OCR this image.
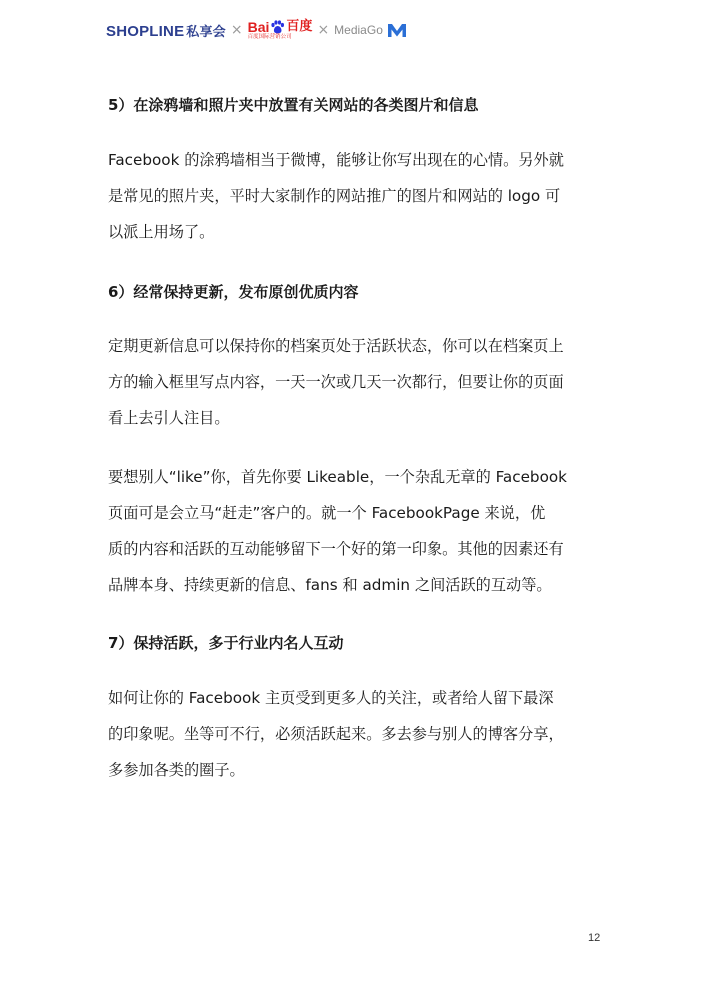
SHOPLINE 私享会 × Bai 百度
百度国际营销公司	× MediaGo
5）在涂鸦墙和照片夹中放置有关网站的各类图片和信息
Facebook 的涂鸦墙相当于微博，能够让你写出现在的心情。另外就
是常见的照片夹，平时大家制作的网站推广的图片和网站的 logo 可
以派上用场了。
6）经常保持更新，发布原创优质内容
定期更新信息可以保持你的档案页处于活跃状态，你可以在档案页上
方的输入框里写点内容，一天一次或几天一次都行，但要让你的页面
看上去引人注目。
要想别人“like”你，首先你要 Likeable，一个杂乱无章的 Facebook
页面可是会立马“赶走”客户的。就一个 FacebookPage 来说，优
质的内容和活跃的互动能够留下一个好的第一印象。其他的因素还有
品牌本身、持续更新的信息、fans 和 admin 之间活跃的互动等。
7）保持活跃，多于行业内名人互动
如何让你的 Facebook 主页受到更多人的关注，或者给人留下最深
的印象呢。坐等可不行，必须活跃起来。多去参与别人的博客分享，
多参加各类的圈子。
12
